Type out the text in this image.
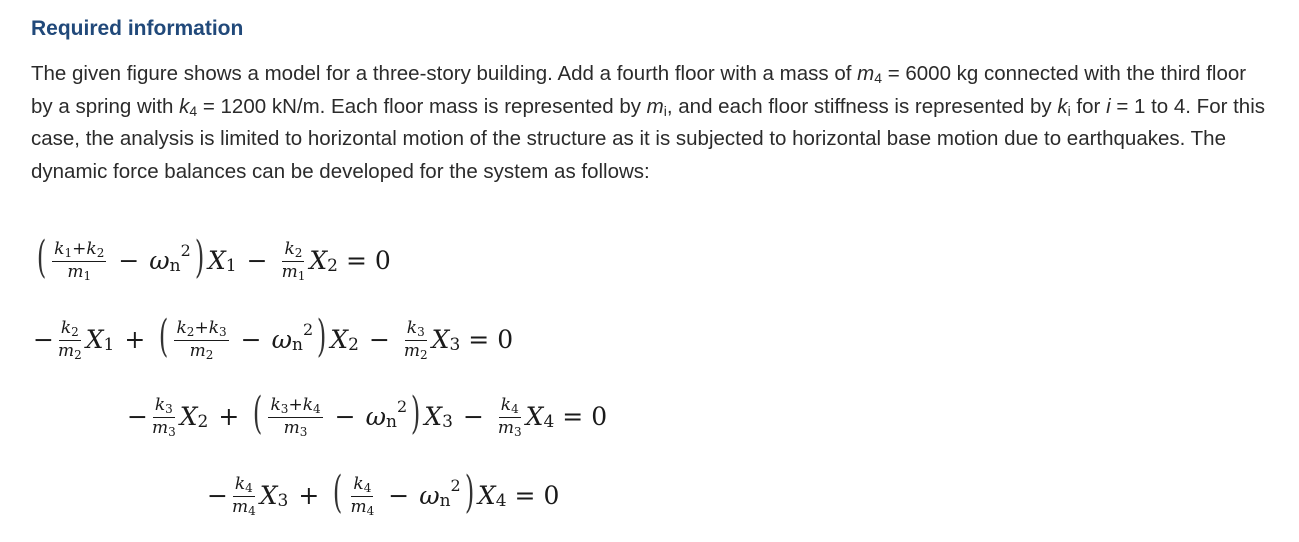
Required information

The given figure shows a model for a three-story building. Add a fourth floor with a mass of $m_4 = 6000$ kg connected with the third floor by a spring with $k_4 = 1200$ kN/m. Each floor mass is represented by $m_i$, and each floor stiffness is represented by $k_i$ for i = 1 to 4. For this case, the analysis is limited to horizontal motion of the structure as it is subjected to horizontal base motion due to earthquakes. The dynamic force balances can be developed for the system as follows:

( $\frac{k1+k2}{m1} - \omega$ n
2 ) X $1 - \frac{k2}{m1}$ X 2 = 0
− $\frac{k2}{m2}$ X 1 + ( $\frac{k2+k3}{m2} - \omega$ n
2 ) X $2 - \frac{k3}{m2}$ X 3 = 0
− $\frac{k3}{m3}$ X 2 + ( $\frac{k3+k4}{m3} - \omega$ n
2 ) X $3 - \frac{k4}{m3}$ X 4 = 0
− $\frac{k4}{m4}$ X 3 + ( $\frac{k4}{m4} - \omega$ n
2 ) X 4 = 0
